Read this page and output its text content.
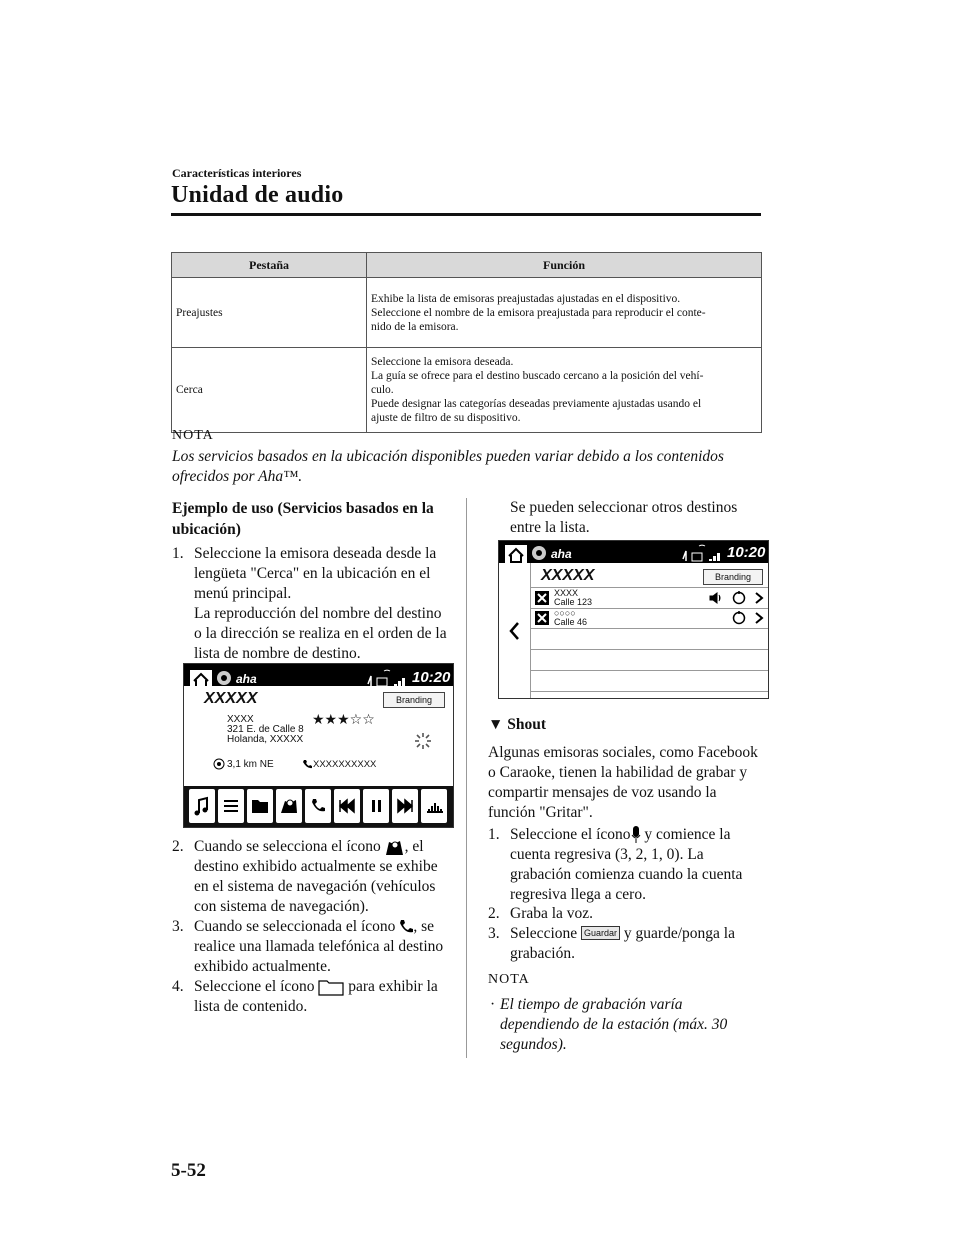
Características interiores
Unidad de audio
Pestaña	Función
Preajustes	Exhibe la lista de emisoras preajustadas ajustadas en el dispositivo.
Seleccione el nombre de la emisora preajustada para reproducir el conte-
nido de la emisora.

Cerca	Seleccione la emisora deseada.
La guía se ofrece para el destino buscado cercano a la posición del vehí-
culo.
Puede designar las categorías deseadas previamente ajustadas usando el
ajuste de filtro de su dispositivo.
NOTA
Los servicios basados en la ubicación disponibles pueden variar debido a los contenidos ofrecidos por Aha™.
Ejemplo de uso (Servicios basados en la ubicación)
1. Seleccione la emisora deseada desde la lengüeta "Cerca" en la ubicación en el menú principal.
La reproducción del nombre del destino o la dirección se realiza en el orden de la lista de nombre de destino.
aha	10:20
XXXXX	Branding
XXXX
321 E. de Calle 8
Holanda, XXXXX
★★★☆☆
3,1 km NE	XXXXXXXXXX
2. Cuando se selecciona el ícono , el destino exhibido actualmente se exhibe en el sistema de navegación (vehículos con sistema de navegación).
3. Cuando se seleccionada el ícono , se realice una llamada telefónica al destino exhibido actualmente.
4. Seleccione el ícono para exhibir la lista de contenido.
Se pueden seleccionar otros destinos entre la lista.
aha	10:20
XXXXX	Branding
XXXX
Calle 123
○○○○
Calle 46
▼ Shout
Algunas emisoras sociales, como Facebook o Caraoke, tienen la habilidad de grabar y compartir mensajes de voz usando la función "Gritar".
1. Seleccione el ícono y comience la cuenta regresiva (3, 2, 1, 0). La grabación comienza cuando la cuenta regresiva llega a cero.
2. Graba la voz.
3. Seleccione Guardar y guarde/ponga la grabación.
NOTA
· El tiempo de grabación varía dependiendo de la estación (máx. 30 segundos).
5-52
